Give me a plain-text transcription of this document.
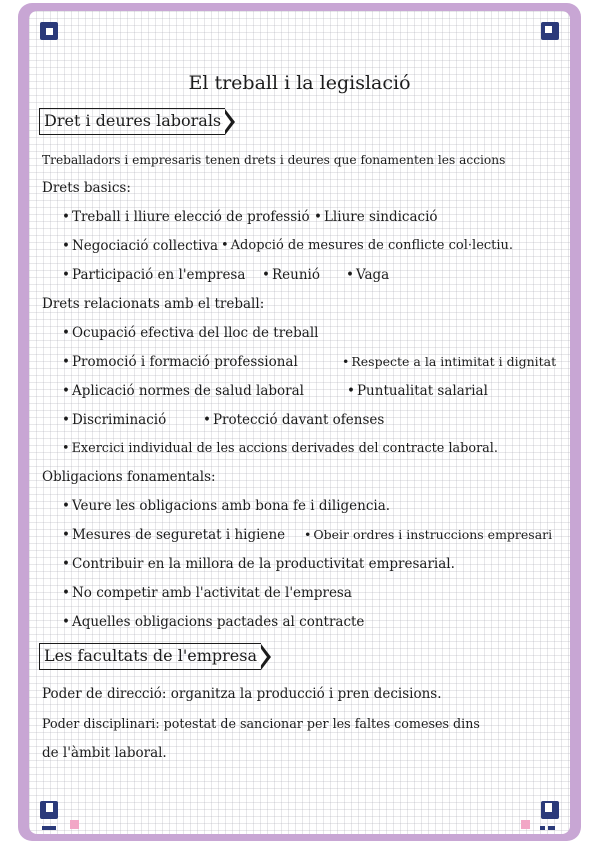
El treball i la legislació
Dret i deures laborals
Treballadors i empresaris tenen drets i deures que fonamenten les accions
Drets basics:
• Treball i lliure elecció de professió	• Lliure sindicació
• Negociació collectiva • Adopció de mesures de conflicte col·lectiu.
• Participació en l'empresa	• Reunió	• Vaga
Drets relacionats amb el treball:
• Ocupació efectiva del lloc de treball
• Promoció i formació professional	• Respecte a la intimitat i dignitat
• Aplicació normes de salud laboral	• Puntualitat salarial
• Discriminació	• Protecció davant ofenses
• Exercici individual de les accions derivades del contracte laboral.
Obligacions fonamentals:
• Veure les obligacions amb bona fe i diligencia.
• Mesures de seguretat i higiene	• Obeir ordres i instruccions empresari
• Contribuir en la millora de la productivitat empresarial.
• No competir amb l'activitat de l'empresa
• Aquelles obligacions pactades al contracte
Les facultats de l'empresa
Poder de direcció: organitza la producció i pren decisions.
Poder disciplinari: potestat de sancionar per les faltes comeses dins
de l'àmbit laboral.
